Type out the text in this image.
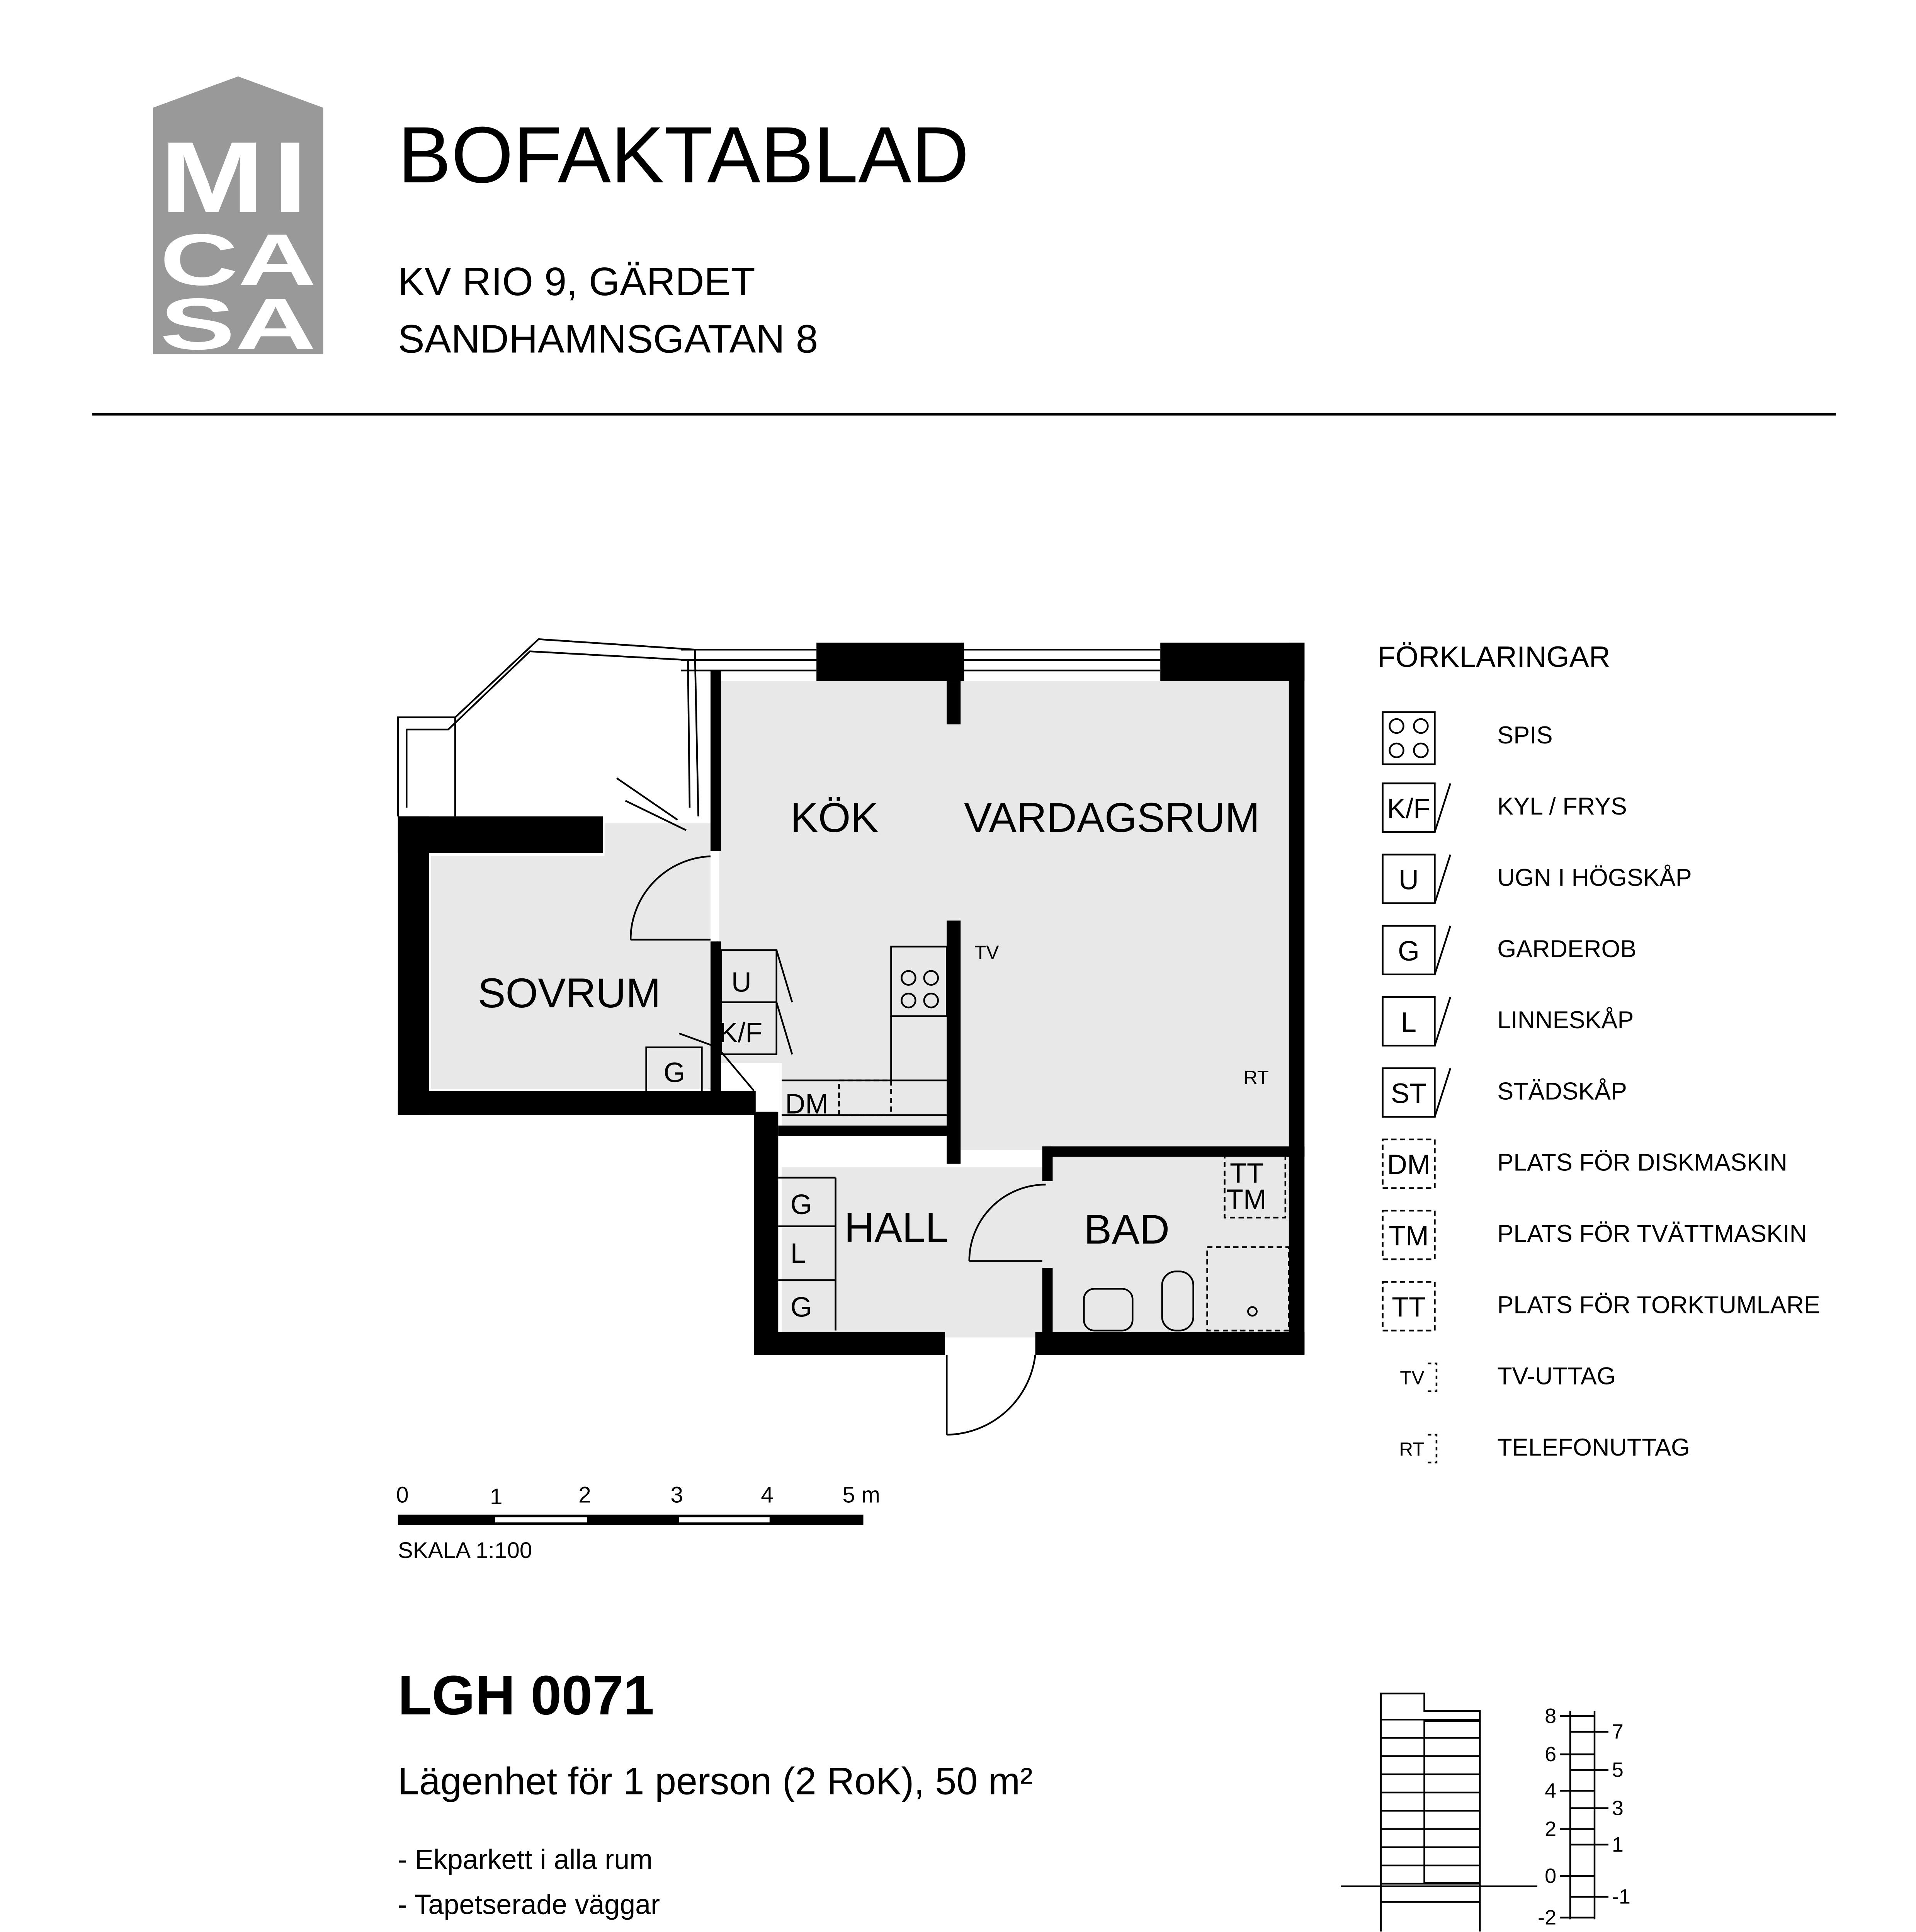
MI
CA
SA
BOFAKTABLAD
KV RIO 9, GÄRDET
SANDHAMNSGATAN 8
KÖK	VARDAGSRUM
SOVRUM
HALL	BAD
U
K/F
G
DM
G
L
G
TT
TM
TV
RT
0	1	2	3	4	5 m
SKALA 1:100
FÖRKLARINGAR
SPIS
K/F	KYL / FRYS
U	UGN I HÖGSKÅP
G	GARDEROB
L	LINNESKÅP
ST	STÄDSKÅP
DM	PLATS FÖR DISKMASKIN
TM	PLATS FÖR TVÄTTMASKIN
TT	PLATS FÖR TORKTUMLARE
TV	TV-UTTAG
RT	TELEFONUTTAG
LGH 0071
Lägenhet för 1 person (2 RoK), 50 m²
- Ekparkett i alla rum
- Tapetserade väggar
8
6
4
2
0
-2
7
5
3
1
-1
